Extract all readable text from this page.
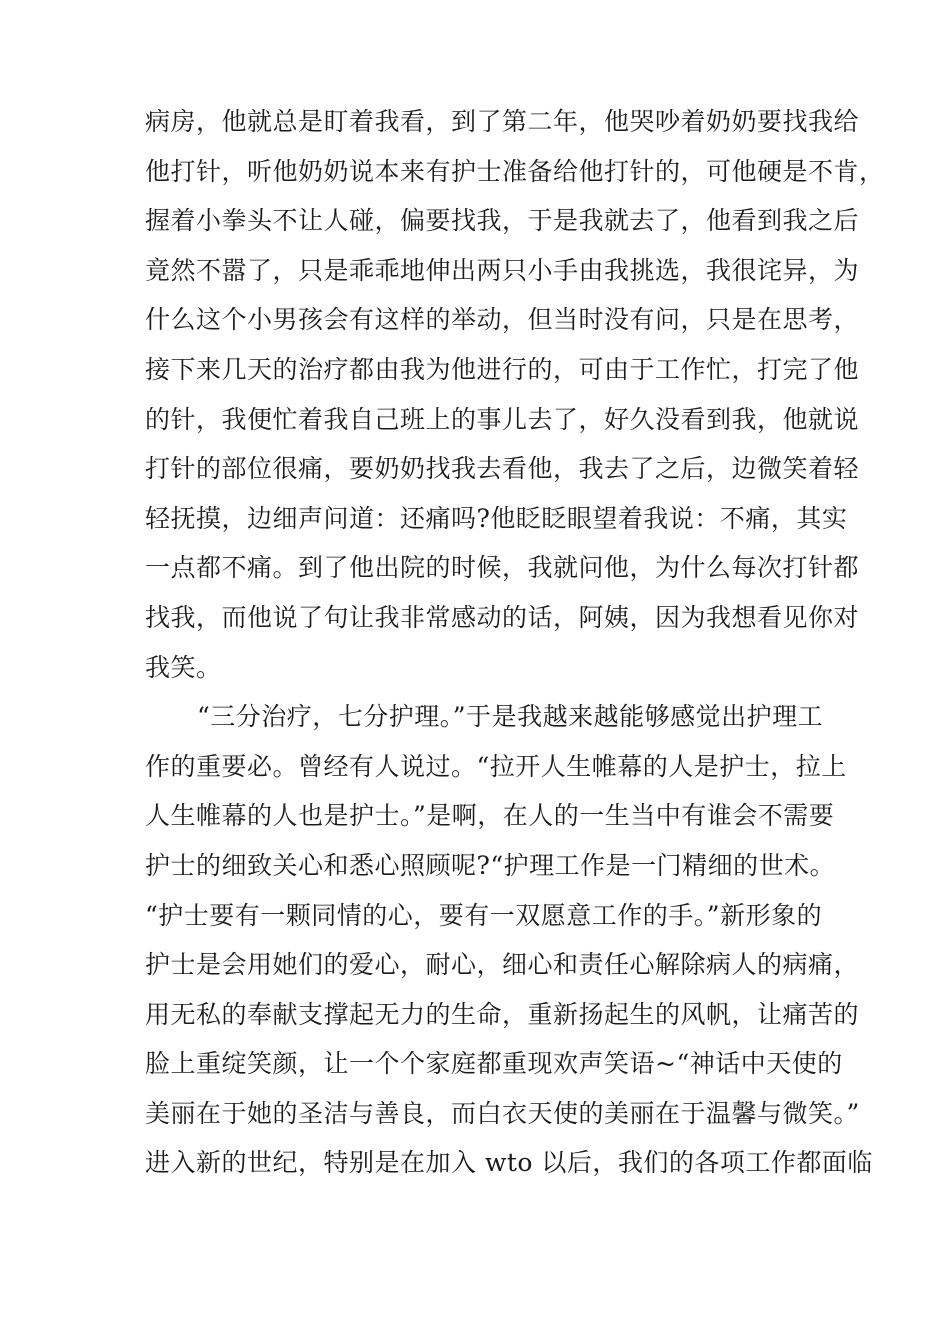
病房，他就总是盯着我看，到了第二年，他哭吵着奶奶要找我给
他打针，听他奶奶说本来有护士准备给他打针的，可他硬是不肯，
握着小拳头不让人碰，偏要找我，于是我就去了，他看到我之后
竟然不嚣了，只是乖乖地伸出两只小手由我挑选，我很诧异，为
什么这个小男孩会有这样的举动，但当时没有问，只是在思考，
接下来几天的治疗都由我为他进行的，可由于工作忙，打完了他
的针，我便忙着我自己班上的事儿去了，好久没看到我，他就说
打针的部位很痛，要奶奶找我去看他，我去了之后，边微笑着轻
轻抚摸，边细声问道：还痛吗?他眨眨眼望着我说：不痛，其实
一点都不痛。到了他出院的时候，我就问他，为什么每次打针都
找我，而他说了句让我非常感动的话，阿姨，因为我想看见你对
我笑。
“三分治疗，七分护理。”于是我越来越能够感觉出护理工
作的重要必。曾经有人说过。“拉开人生帷幕的人是护士，拉上
人生帷幕的人也是护士。”是啊，在人的一生当中有谁会不需要
护士的细致关心和悉心照顾呢?“护理工作是一门精细的世术。
“护士要有一颗同情的心，要有一双愿意工作的手。”新形象的
护士是会用她们的爱心，耐心，细心和责任心解除病人的病痛，
用无私的奉献支撑起无力的生命，重新扬起生的风帆，让痛苦的
脸上重绽笑颜，让一个个家庭都重现欢声笑语~“神话中天使的
美丽在于她的圣洁与善良，而白衣天使的美丽在于温馨与微笑。”
进入新的世纪，特别是在加入 wto 以后，我们的各项工作都面临
